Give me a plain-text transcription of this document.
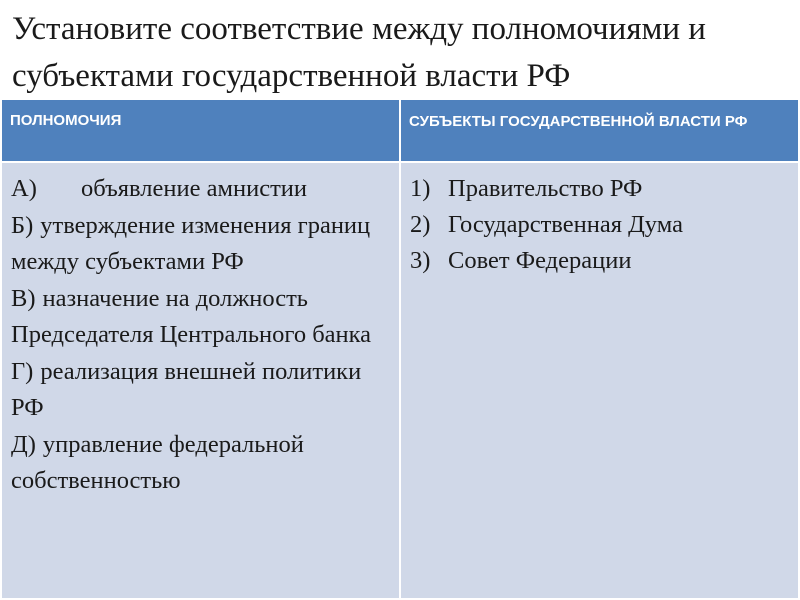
Установите соответствие между полномочиями и субъектами государственной власти РФ
ПОЛНОМОЧИЯ	СУБЪЕКТЫ ГОСУДАРСТВЕННОЙ ВЛАСТИ РФ
А) объявление амнистии
Б) утверждение изменения границ между субъектами РФ
В) назначение на должность Председателя Центрального банка
Г) реализация внешней политики РФ
Д) управление федеральной собственностью
1) Правительство РФ
2) Государственная Дума
3) Совет Федерации
